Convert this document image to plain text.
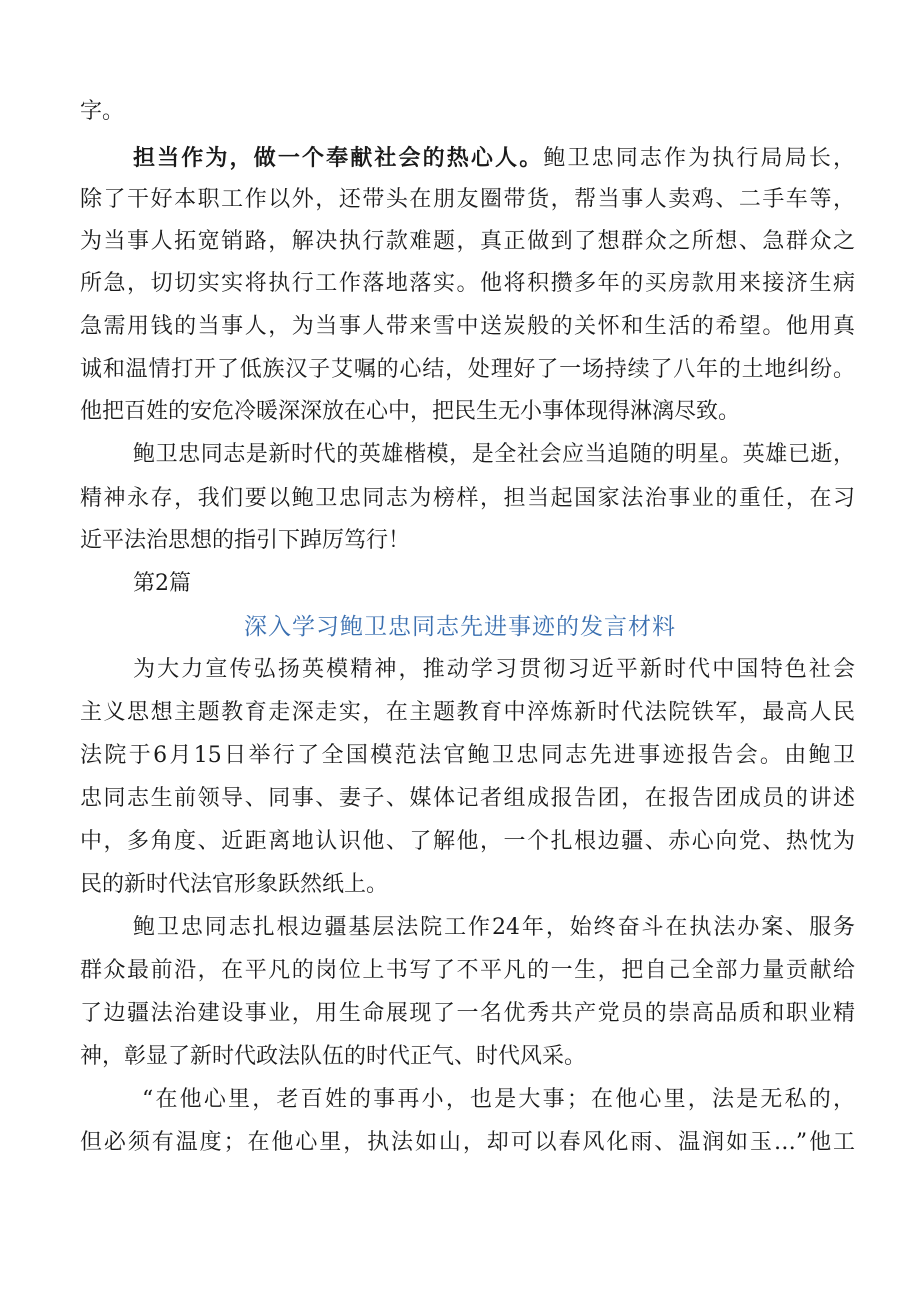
字。
担当作为，做一个奉献社会的热心人。鲍卫忠同志作为执行局局长，
除了干好本职工作以外，还带头在朋友圈带货，帮当事人卖鸡、二手车等，
为当事人拓宽销路，解决执行款难题，真正做到了想群众之所想、急群众之
所急，切切实实将执行工作落地落实。他将积攒多年的买房款用来接济生病
急需用钱的当事人，为当事人带来雪中送炭般的关怀和生活的希望。他用真
诚和温情打开了低族汉子艾嘱的心结，处理好了一场持续了八年的土地纠纷。
他把百姓的安危冷暖深深放在心中，把民生无小事体现得淋漓尽致。
鲍卫忠同志是新时代的英雄楷模，是全社会应当追随的明星。英雄已逝，
精神永存，我们要以鲍卫忠同志为榜样，担当起国家法治事业的重任，在习
近平法治思想的指引下踔厉笃行！
第2篇
深入学习鲍卫忠同志先进事迹的发言材料
为大力宣传弘扬英模精神，推动学习贯彻习近平新时代中国特色社会
主义思想主题教育走深走实，在主题教育中淬炼新时代法院铁军，最高人民
法院于6月15日举行了全国模范法官鲍卫忠同志先进事迹报告会。由鲍卫
忠同志生前领导、同事、妻子、媒体记者组成报告团，在报告团成员的讲述
中，多角度、近距离地认识他、了解他，一个扎根边疆、赤心向党、热忱为
民的新时代法官形象跃然纸上。
鲍卫忠同志扎根边疆基层法院工作24年，始终奋斗在执法办案、服务
群众最前沿，在平凡的岗位上书写了不平凡的一生，把自己全部力量贡献给
了边疆法治建设事业，用生命展现了一名优秀共产党员的崇高品质和职业精
神，彰显了新时代政法队伍的时代正气、时代风采。
“在他心里，老百姓的事再小，也是大事；在他心里，法是无私的，
但必须有温度；在他心里，执法如山，却可以春风化雨、温润如玉…”他工
